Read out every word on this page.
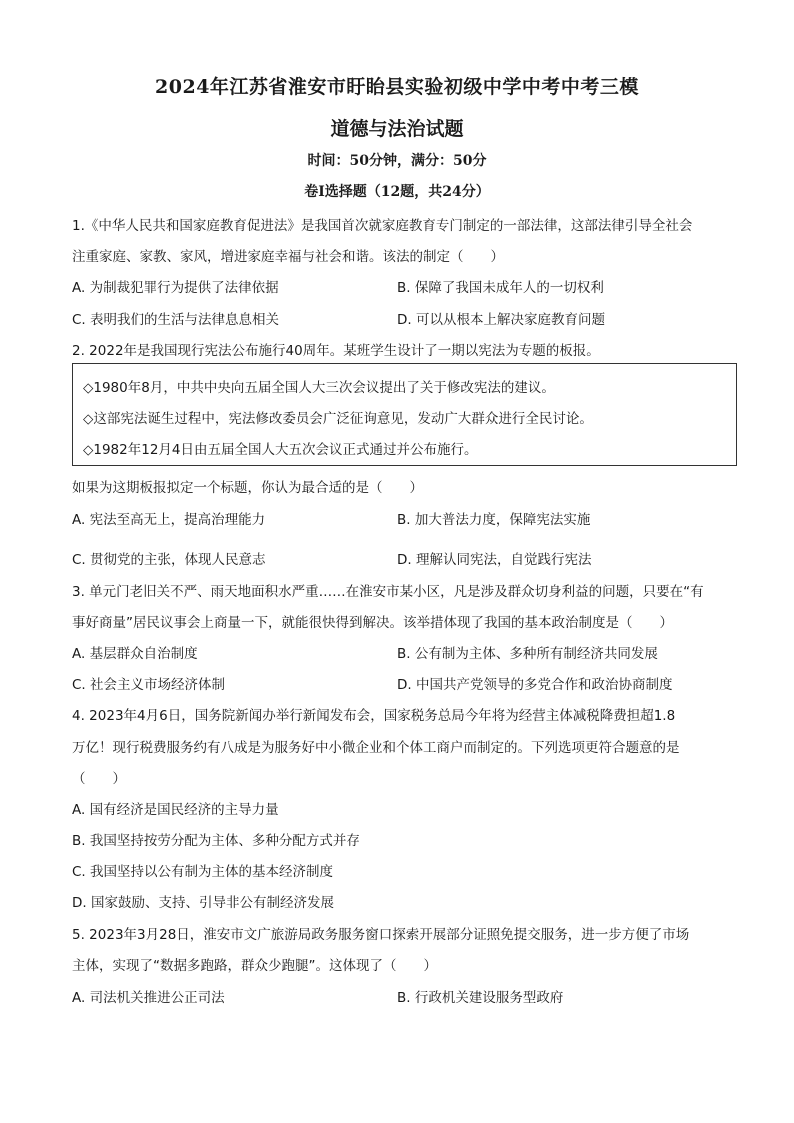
2024年江苏省淮安市盱眙县实验初级中学中考中考三模
道德与法治试题
时间：50分钟，满分：50分
卷Ⅰ选择题（12题，共24分）
1.《中华人民共和国家庭教育促进法》是我国首次就家庭教育专门制定的一部法律，这部法律引导全社会
注重家庭、家教、家风，增进家庭幸福与社会和谐。该法的制定（　　）
A. 为制裁犯罪行为提供了法律依据	B. 保障了我国未成年人的一切权利
C. 表明我们的生活与法律息息相关	D. 可以从根本上解决家庭教育问题
2. 2022年是我国现行宪法公布施行40周年。某班学生设计了一期以宪法为专题的板报。
◇1980年8月，中共中央向五届全国人大三次会议提出了关于修改宪法的建议。
◇这部宪法诞生过程中，宪法修改委员会广泛征询意见，发动广大群众进行全民讨论。
◇1982年12月4日由五届全国人大五次会议正式通过并公布施行。
如果为这期板报拟定一个标题，你认为最合适的是（　　）
A. 宪法至高无上，提高治理能力	B. 加大普法力度，保障宪法实施
C. 贯彻党的主张，体现人民意志	D. 理解认同宪法，自觉践行宪法
3. 单元门老旧关不严、雨天地面积水严重……在淮安市某小区，凡是涉及群众切身利益的问题，只要在“有
事好商量”居民议事会上商量一下，就能很快得到解决。该举措体现了我国的基本政治制度是（　　）
A. 基层群众自治制度	B. 公有制为主体、多种所有制经济共同发展
C. 社会主义市场经济体制	D. 中国共产党领导的多党合作和政治协商制度
4. 2023年4月6日，国务院新闻办举行新闻发布会，国家税务总局今年将为经营主体减税降费担超1.8
万亿！现行税费服务约有八成是为服务好中小微企业和个体工商户而制定的。下列选项更符合题意的是
（　　）
A. 国有经济是国民经济的主导力量
B. 我国坚持按劳分配为主体、多种分配方式并存
C. 我国坚持以公有制为主体的基本经济制度
D. 国家鼓励、支持、引导非公有制经济发展
5. 2023年3月28日，淮安市文广旅游局政务服务窗口探索开展部分证照免提交服务，进一步方便了市场
主体，实现了“数据多跑路，群众少跑腿”。这体现了（　　）
A. 司法机关推进公正司法	B. 行政机关建设服务型政府
